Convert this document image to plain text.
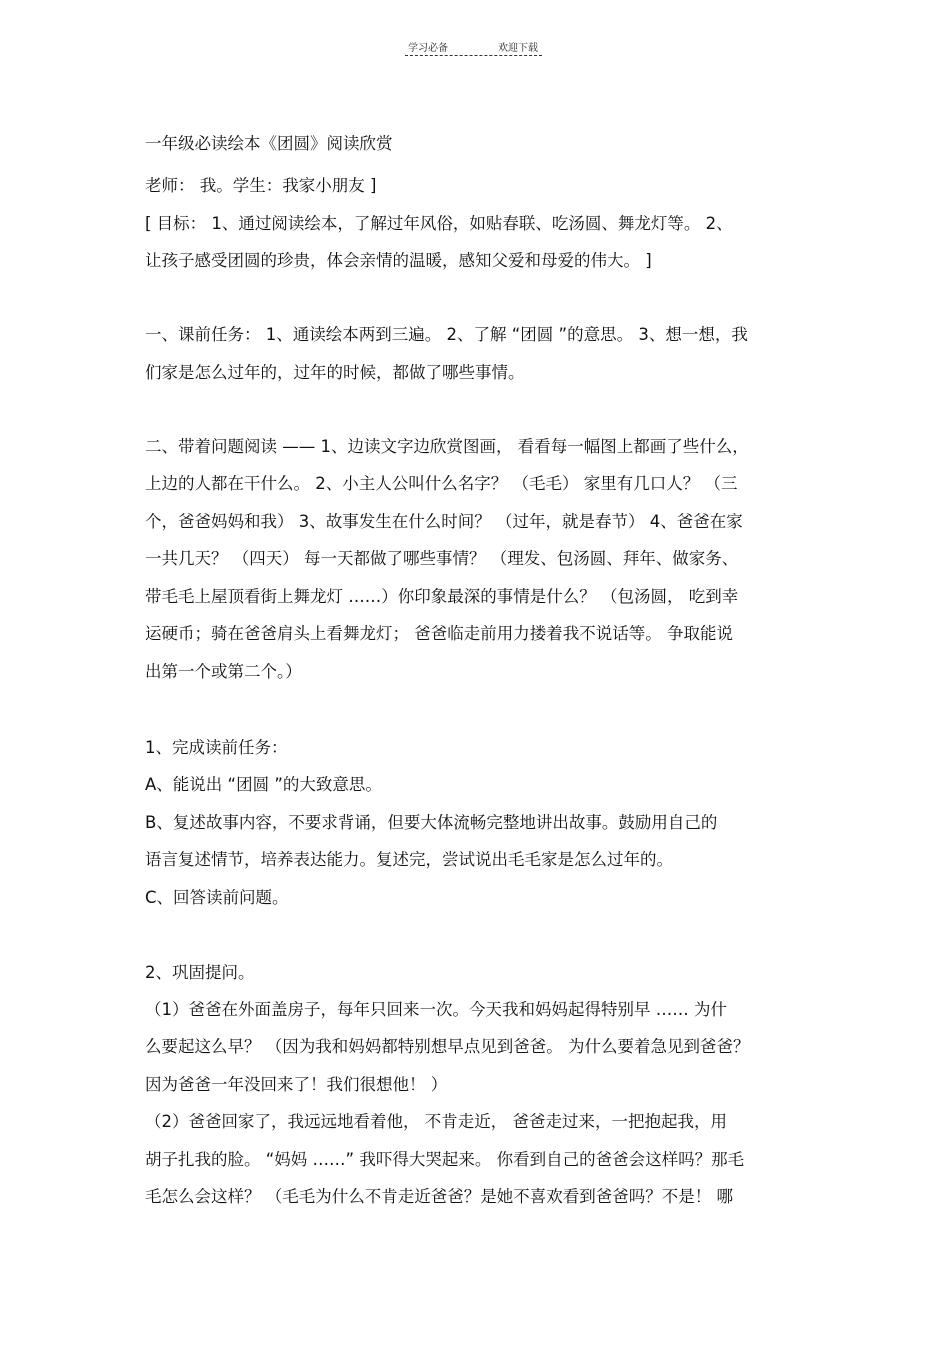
学习必备	欢迎下载
一年级必读绘本《团圆》阅读欣赏
老师： 我。学生：我家小朋友 ]
[ 目标： 1、通过阅读绘本，了解过年风俗，如贴春联、吃汤圆、舞龙灯等。 2、
让孩子感受团圆的珍贵，体会亲情的温暖，感知父爱和母爱的伟大。 ]
一、课前任务： 1、通读绘本两到三遍。 2、了解 “团圆 ”的意思。 3、想一想，我
们家是怎么过年的，过年的时候，都做了哪些事情。
二、带着问题阅读 —— 1、边读文字边欣赏图画， 看看每一幅图上都画了些什么，
上边的人都在干什么。 2、小主人公叫什么名字？ （毛毛） 家里有几口人？ （三
个，爸爸妈妈和我） 3、故事发生在什么时间？ （过年，就是春节） 4、爸爸在家
一共几天？ （四天） 每一天都做了哪些事情？ （理发、包汤圆、拜年、做家务、
带毛毛上屋顶看街上舞龙灯 ……）你印象最深的事情是什么？ （包汤圆， 吃到幸
运硬币；骑在爸爸肩头上看舞龙灯； 爸爸临走前用力搂着我不说话等。 争取能说
出第一个或第二个。）
1、完成读前任务：
A、能说出 “团圆 ”的大致意思。
B、复述故事内容，不要求背诵，但要大体流畅完整地讲出故事。鼓励用自己的
语言复述情节，培养表达能力。复述完，尝试说出毛毛家是怎么过年的。
C、回答读前问题。
2、巩固提问。
（1）爸爸在外面盖房子，每年只回来一次。今天我和妈妈起得特别早 …… 为什
么要起这么早？ （因为我和妈妈都特别想早点见到爸爸。 为什么要着急见到爸爸？
因为爸爸一年没回来了！我们很想他！ ）
（2）爸爸回家了，我远远地看着他， 不肯走近， 爸爸走过来，一把抱起我，用
胡子扎我的脸。 “妈妈 ……” 我吓得大哭起来。 你看到自己的爸爸会这样吗？那毛
毛怎么会这样？ （毛毛为什么不肯走近爸爸？是她不喜欢看到爸爸吗？不是！ 哪
